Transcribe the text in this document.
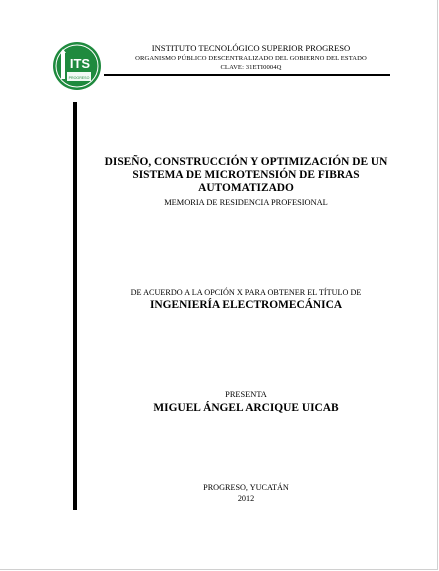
ITS
PROGRESO
INSTITUTO TECNOLÓGICO SUPERIOR PROGRESO
ORGANISMO PÚBLICO DESCENTRALIZADO DEL GOBIERNO DEL ESTADO
CLAVE: 31ETI0004Q
DISEÑO, CONSTRUCCIÓN Y OPTIMIZACIÓN DE UN
SISTEMA DE MICROTENSIÓN DE FIBRAS
AUTOMATIZADO
MEMORIA DE RESIDENCIA PROFESIONAL
DE ACUERDO A LA OPCIÓN X PARA OBTENER EL TÍTULO DE
INGENIERÍA ELECTROMECÁNICA
PRESENTA
MIGUEL ÁNGEL ARCIQUE UICAB
PROGRESO, YUCATÁN
2012
